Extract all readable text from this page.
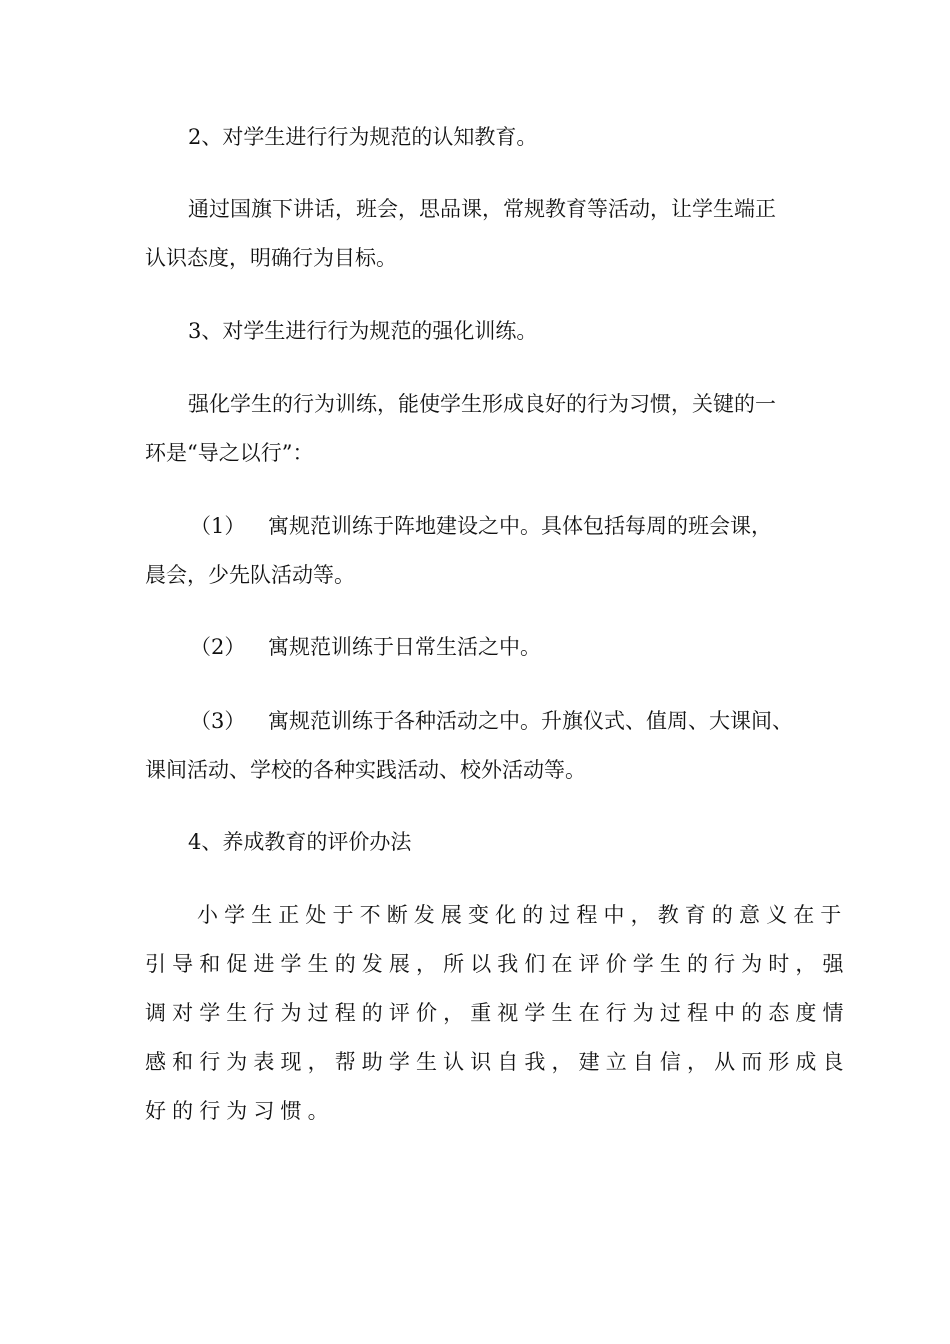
2、对学生进行行为规范的认知教育。
通过国旗下讲话，班会，思品课，常规教育等活动，让学生端正
认识态度，明确行为目标。
3、对学生进行行为规范的强化训练。
强化学生的行为训练，能使学生形成良好的行为习惯，关键的一
环是“导之以行”：
（1） 寓规范训练于阵地建设之中。具体包括每周的班会课，
晨会，少先队活动等。
（2） 寓规范训练于日常生活之中。
（3） 寓规范训练于各种活动之中。升旗仪式、值周、大课间、
课间活动、学校的各种实践活动、校外活动等。
4、养成教育的评价办法
小学生正处于不断发展变化的过程中，教育的意义在于
引导和促进学生的发展，所以我们在评价学生的行为时，强
调对学生行为过程的评价，重视学生在行为过程中的态度情
感和行为表现，帮助学生认识自我，建立自信，从而形成良
好的行为习惯。
